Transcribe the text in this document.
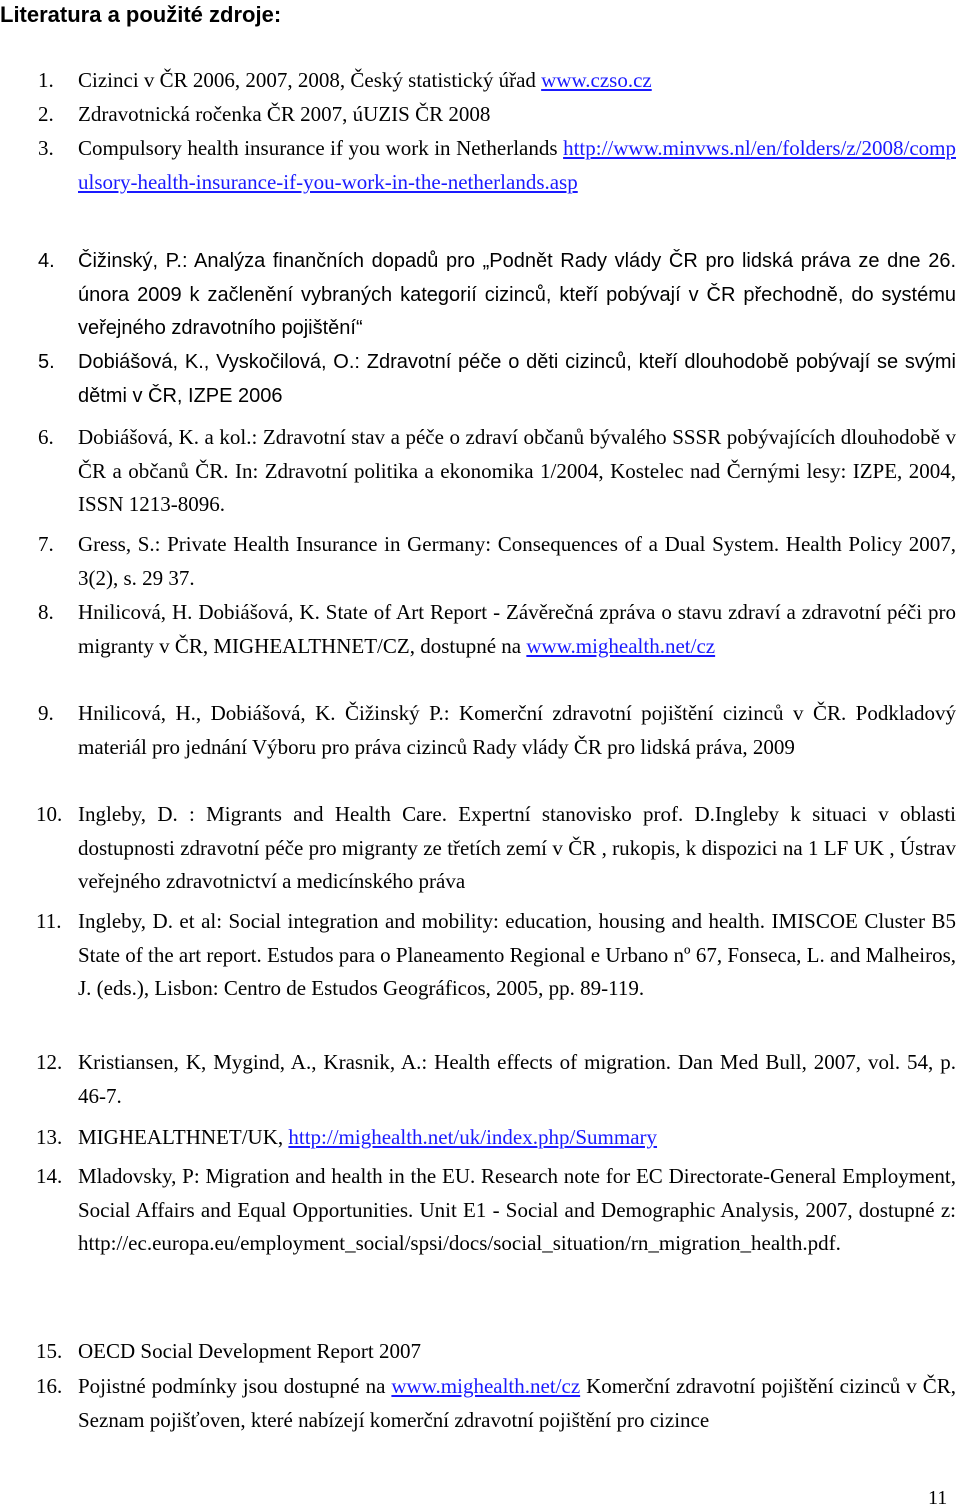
Literatura a použité zdroje:
1.	Cizinci v ČR 2006, 2007, 2008, Český statistický úřad www.czso.cz
2.	Zdravotnická ročenka ČR 2007, úUZIS ČR 2008
3.	Compulsory health insurance if you work in Netherlands http://www.minvws.nl/en/folders/z/2008/compulsory-health-insurance-if-you-work-in-the-netherlands.asp
4.	Čižinský, P.: Analýza finančních dopadů pro „Podnět Rady vlády ČR pro lidská práva ze dne 26. února 2009 k začlenění vybraných kategorií cizinců, kteří pobývají v ČR přechodně, do systému veřejného zdravotního pojištění“
5.	Dobiášová, K., Vyskočilová, O.: Zdravotní péče o děti cizinců, kteří dlouhodobě pobývají se svými dětmi v ČR, IZPE 2006
6.	Dobiášová, K. a kol.: Zdravotní stav a péče o zdraví občanů bývalého SSSR pobývajících dlouhodobě v ČR a občanů ČR. In: Zdravotní politika a ekonomika 1/2004, Kostelec nad Černými lesy: IZPE, 2004, ISSN 1213-8096.
7.	Gress, S.: Private Health Insurance in Germany: Consequences of a Dual System. Health Policy 2007, 3(2), s. 29 37.
8.	Hnilicová, H. Dobiášová, K. State of Art Report - Závěrečná zpráva o stavu zdraví a zdravotní péči pro migranty v ČR, MIGHEALTHNET/CZ, dostupné na www.mighealth.net/cz
9.	Hnilicová, H., Dobiášová, K. Čižinský P.: Komerční zdravotní pojištění cizinců v ČR. Podkladový materiál pro jednání Výboru pro práva cizinců Rady vlády ČR pro lidská práva, 2009
10. Ingleby, D. : Migrants and Health Care. Expertní stanovisko prof. D.Ingleby k situaci v oblasti dostupnosti zdravotní péče pro migranty ze třetích zemí v ČR , rukopis, k dispozici na 1 LF UK , Ústrav veřejného zdravotnictví a medicínského práva
11. Ingleby, D. et al: Social integration and mobility: education, housing and health. IMISCOE Cluster B5 State of the art report. Estudos para o Planeamento Regional e Urbano nº 67, Fonseca, L. and Malheiros, J. (eds.), Lisbon: Centro de Estudos Geográficos, 2005, pp. 89-119.
12. Kristiansen, K, Mygind, A., Krasnik, A.: Health effects of migration. Dan Med Bull, 2007, vol. 54, p. 46-7.
13. MIGHEALTHNET/UK, http://mighealth.net/uk/index.php/Summary
14. Mladovsky, P: Migration and health in the EU. Research note for EC Directorate-General Employment, Social Affairs and Equal Opportunities. Unit E1 - Social and Demographic Analysis, 2007, dostupné z: http://ec.europa.eu/employment_social/spsi/docs/social_situation/rn_migration_health.pdf.
15. OECD Social Development Report 2007
16. Pojistné podmínky jsou dostupné na www.mighealth.net/cz Komerční zdravotní pojištění cizinců v ČR, Seznam pojišťoven, které nabízejí komerční zdravotní pojištění pro cizince
11
